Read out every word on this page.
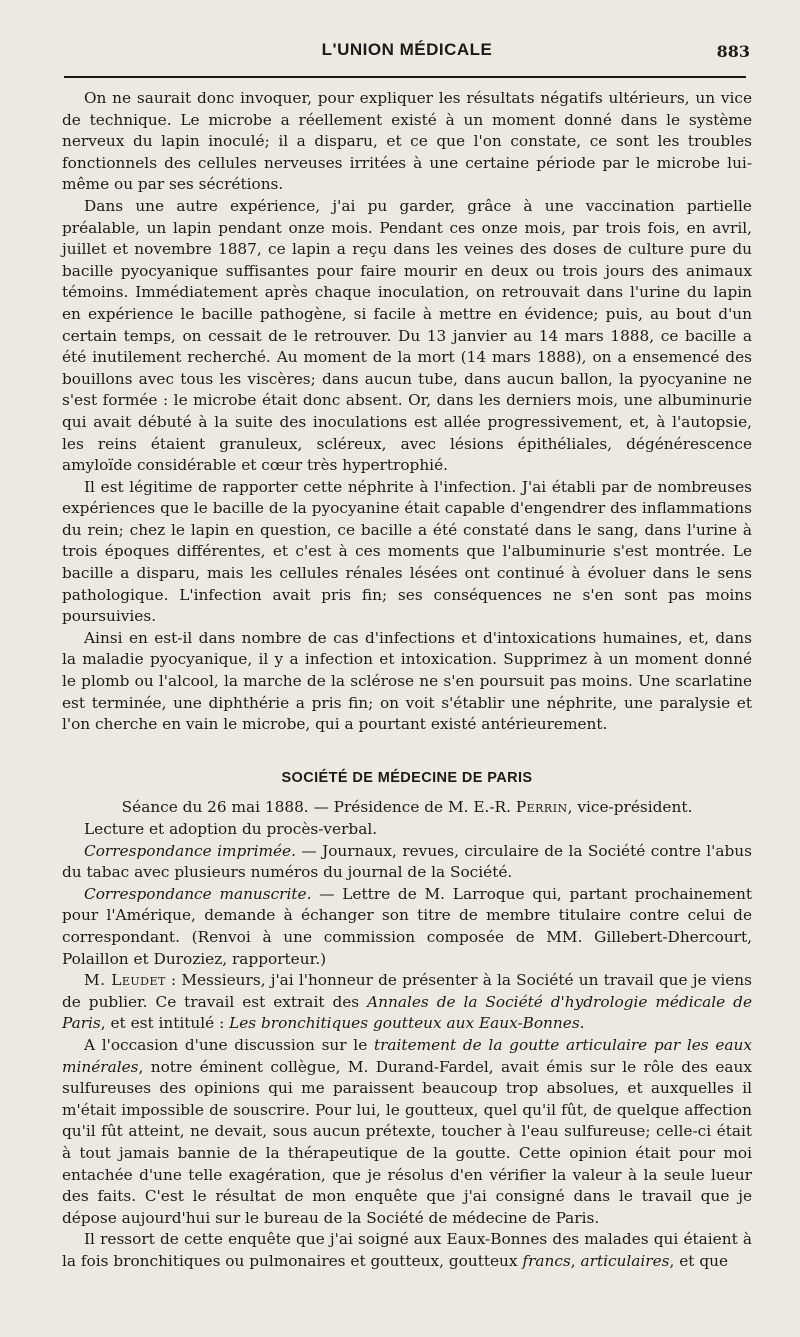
L'UNION MÉDICALE	883

On ne saurait donc invoquer, pour expliquer les résultats négatifs ultérieurs, un vice de technique. Le microbe a réellement existé à un moment donné dans le système nerveux du lapin inoculé; il a disparu, et ce que l'on constate, ce sont les troubles fonctionnels des cellules nerveuses irritées à une certaine période par le microbe lui-même ou par ses sécrétions.

Dans une autre expérience, j'ai pu garder, grâce à une vaccination partielle préalable, un lapin pendant onze mois. Pendant ces onze mois, par trois fois, en avril, juillet et novembre 1887, ce lapin a reçu dans les veines des doses de culture pure du bacille pyocyanique suffisantes pour faire mourir en deux ou trois jours des animaux témoins. Immédiatement après chaque inoculation, on retrouvait dans l'urine du lapin en expérience le bacille pathogène, si facile à mettre en évidence; puis, au bout d'un certain temps, on cessait de le retrouver. Du 13 janvier au 14 mars 1888, ce bacille a été inutilement recherché. Au moment de la mort (14 mars 1888), on a ensemencé des bouillons avec tous les viscères; dans aucun tube, dans aucun ballon, la pyocyanine ne s'est formée : le microbe était donc absent. Or, dans les derniers mois, une albuminurie qui avait débuté à la suite des inoculations est allée progressivement, et, à l'autopsie, les reins étaient granuleux, scléreux, avec lésions épithéliales, dégénérescence amyloïde considérable et cœur très hypertrophié.

Il est légitime de rapporter cette néphrite à l'infection. J'ai établi par de nombreuses expériences que le bacille de la pyocyanine était capable d'engendrer des inflammations du rein; chez le lapin en question, ce bacille a été constaté dans le sang, dans l'urine à trois époques différentes, et c'est à ces moments que l'albuminurie s'est montrée. Le bacille a disparu, mais les cellules rénales lésées ont continué à évoluer dans le sens pathologique. L'infection avait pris fin; ses conséquences ne s'en sont pas moins poursuivies.

Ainsi en est-il dans nombre de cas d'infections et d'intoxications humaines, et, dans la maladie pyocyanique, il y a infection et intoxication. Supprimez à un moment donné le plomb ou l'alcool, la marche de la sclérose ne s'en poursuit pas moins. Une scarlatine est terminée, une diphthérie a pris fin; on voit s'établir une néphrite, une paralysie et l'on cherche en vain le microbe, qui a pourtant existé antérieurement.

SOCIÉTÉ DE MÉDECINE DE PARIS

Séance du 26 mai 1888. — Présidence de M. E.-R. Perrin, vice-président.

Lecture et adoption du procès-verbal.

Correspondance imprimée. — Journaux, revues, circulaire de la Société contre l'abus du tabac avec plusieurs numéros du journal de la Société.

Correspondance manuscrite. — Lettre de M. Larroque qui, partant prochainement pour l'Amérique, demande à échanger son titre de membre titulaire contre celui de correspondant. (Renvoi à une commission composée de MM. Gillebert-Dhercourt, Polaillon et Duroziez, rapporteur.)

M. Leudet : Messieurs, j'ai l'honneur de présenter à la Société un travail que je viens de publier. Ce travail est extrait des Annales de la Société d'hydrologie médicale de Paris, et est intitulé : Les bronchitiques goutteux aux Eaux-Bonnes.

A l'occasion d'une discussion sur le traitement de la goutte articulaire par les eaux minérales, notre éminent collègue, M. Durand-Fardel, avait émis sur le rôle des eaux sulfureuses des opinions qui me paraissent beaucoup trop absolues, et auxquelles il m'était impossible de souscrire. Pour lui, le goutteux, quel qu'il fût, de quelque affection qu'il fût atteint, ne devait, sous aucun prétexte, toucher à l'eau sulfureuse; celle-ci était à tout jamais bannie de la thérapeutique de la goutte. Cette opinion était pour moi entachée d'une telle exagération, que je résolus d'en vérifier la valeur à la seule lueur des faits. C'est le résultat de mon enquête que j'ai consigné dans le travail que je dépose aujourd'hui sur le bureau de la Société de médecine de Paris.

Il ressort de cette enquête que j'ai soigné aux Eaux-Bonnes des malades qui étaient à la fois bronchitiques ou pulmonaires et goutteux, goutteux francs, articulaires, et que
